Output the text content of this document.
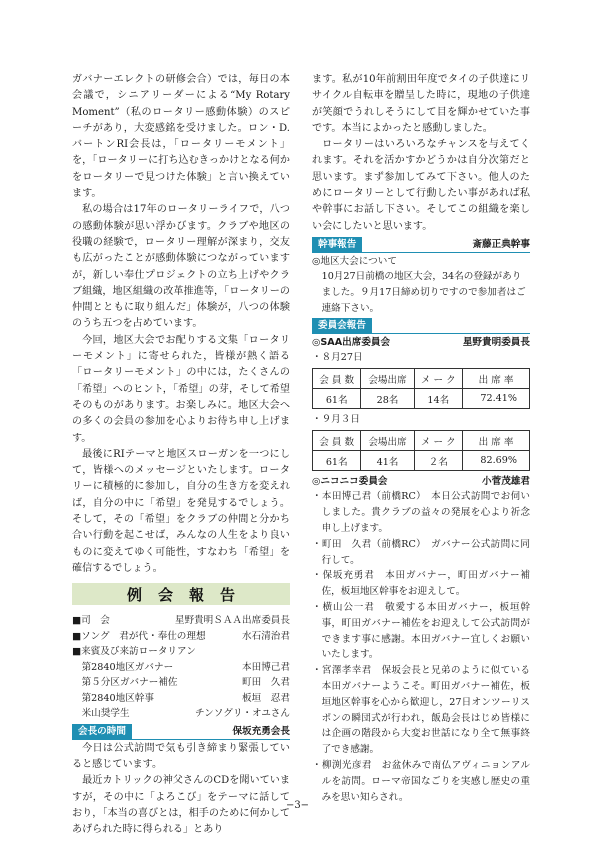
ガバナーエレクトの研修会合）では，毎日の本会議で，シニアリーダーによる“My Rotary Moment”（私のロータリー感動体験）のスピーチがあり，大変感銘を受けました。ロン・D. バートンRI会長は，「ロータリーモメント」を，「ロータリーに打ち込むきっかけとなる何かをロータリーで見つけた体験」と言い換えています。

私の場合は17年のロータリーライフで，八つの感動体験が思い浮かびます。クラブや地区の役職の経験で，ロータリー理解が深まり，交友も広がったことが感動体験につながっていますが，新しい奉仕プロジェクトの立ち上げやクラブ組織，地区組織の改革推進等，「ロータリーの仲間とともに取り組んだ」体験が，八つの体験のうち五つを占めています。

今回，地区大会でお配りする文集「ロータリーモメント」に寄せられた，皆様が熱く語る「ロータリーモメント」の中には，たくさんの「希望」へのヒント，「希望」の芽，そして希望そのものがあります。お楽しみに。地区大会への多くの会員の参加を心よりお待ち申し上げます。

最後にRIテーマと地区スローガンを一つにして，皆様へのメッセージといたします。ロータリーに積極的に参加し，自分の生き方を変えれば，自分の中に「希望」を発見するでしょう。 そして，その「希望」をクラブの仲間と分かち合い行動を起こせば，みんなの人生をより良いものに変えてゆく可能性，すなわち「希望」を確信するでしょう。

例会報告
■司　会	星野貴明ＳＡＡ出席委員長
■ソング　君が代・奉仕の理想	水石清治君
■来賓及び来訪ロータリアン
第2840地区ガバナー	本田博己君
第５分区ガバナー補佐	町田　久君
第2840地区幹事	板垣　忍君
米山奨学生	チンソグリ・オユさん
会長の時間	保坂充勇会長

今日は公式訪問で気も引き締まり緊張していると感じています。

最近カトリックの神父さんのCDを聞いていますが，その中に「よろこび」をテーマに話しており，「本当の喜びとは，相手のために何かしてあげられた時に得られる」とあり

ます。私が10年前割田年度でタイの子供達にリサイクル自転車を贈呈した時に，現地の子供達が笑顔でうれしそうにして目を輝かせていた事です。本当によかったと感動しました。

ロータリーはいろいろなチャンスを与えてくれます。それを活かすかどうかは自分次第だと思います。まず参加してみて下さい。他人のためにロータリーとして行動したい事があれば私や幹事にお話し下さい。そしてこの組織を楽しい会にしたいと思います。

幹事報告	斎藤正典幹事

◎地区大会について

10月27日前橋の地区大会，34名の登録がありました。９月17日締め切りですので参加者はご連絡下さい。

委員会報告
◎SAA出席委員会	星野貴明委員長

・８月27日

会 員 数	会場出席	メ ー ク	出 席 率
61名	28名	14名	72.41%

・９月３日

会 員 数	会場出席	メ ー ク	出 席 率
61名	41名	２名	82.69%
◎ニコニコ委員会	小菅茂雄君

・本田博己君（前橋RC）　本日公式訪問でお伺いしました。貴クラブの益々の発展を心より祈念申し上げます。

・町田　久君（前橋RC）　ガバナー公式訪問に同行して。

・保坂充勇君　本田ガバナー，町田ガバナー補佐，板垣地区幹事をお迎えして。

・横山公一君　敬愛する本田ガバナー，板垣幹事，町田ガバナー補佐をお迎えして公式訪問ができます事に感謝。本田ガバナー宜しくお願いいたします。

・宮澤孝幸君　保坂会長と兄弟のように似ている本田ガバナーようこそ。町田ガバナー補佐，板垣地区幹事を心から歓迎し，27日オンツーリスポンの瞬団式が行われ，飯島会長はじめ皆様には企画の階段から大変お世話になり全て無事終了でき感謝。

・柳渕光彦君　お盆休みで南仏アヴィニョンアルルを訪問。ローマ帝国なごりを実感し歴史の重みを思い知らされ。

−3−
